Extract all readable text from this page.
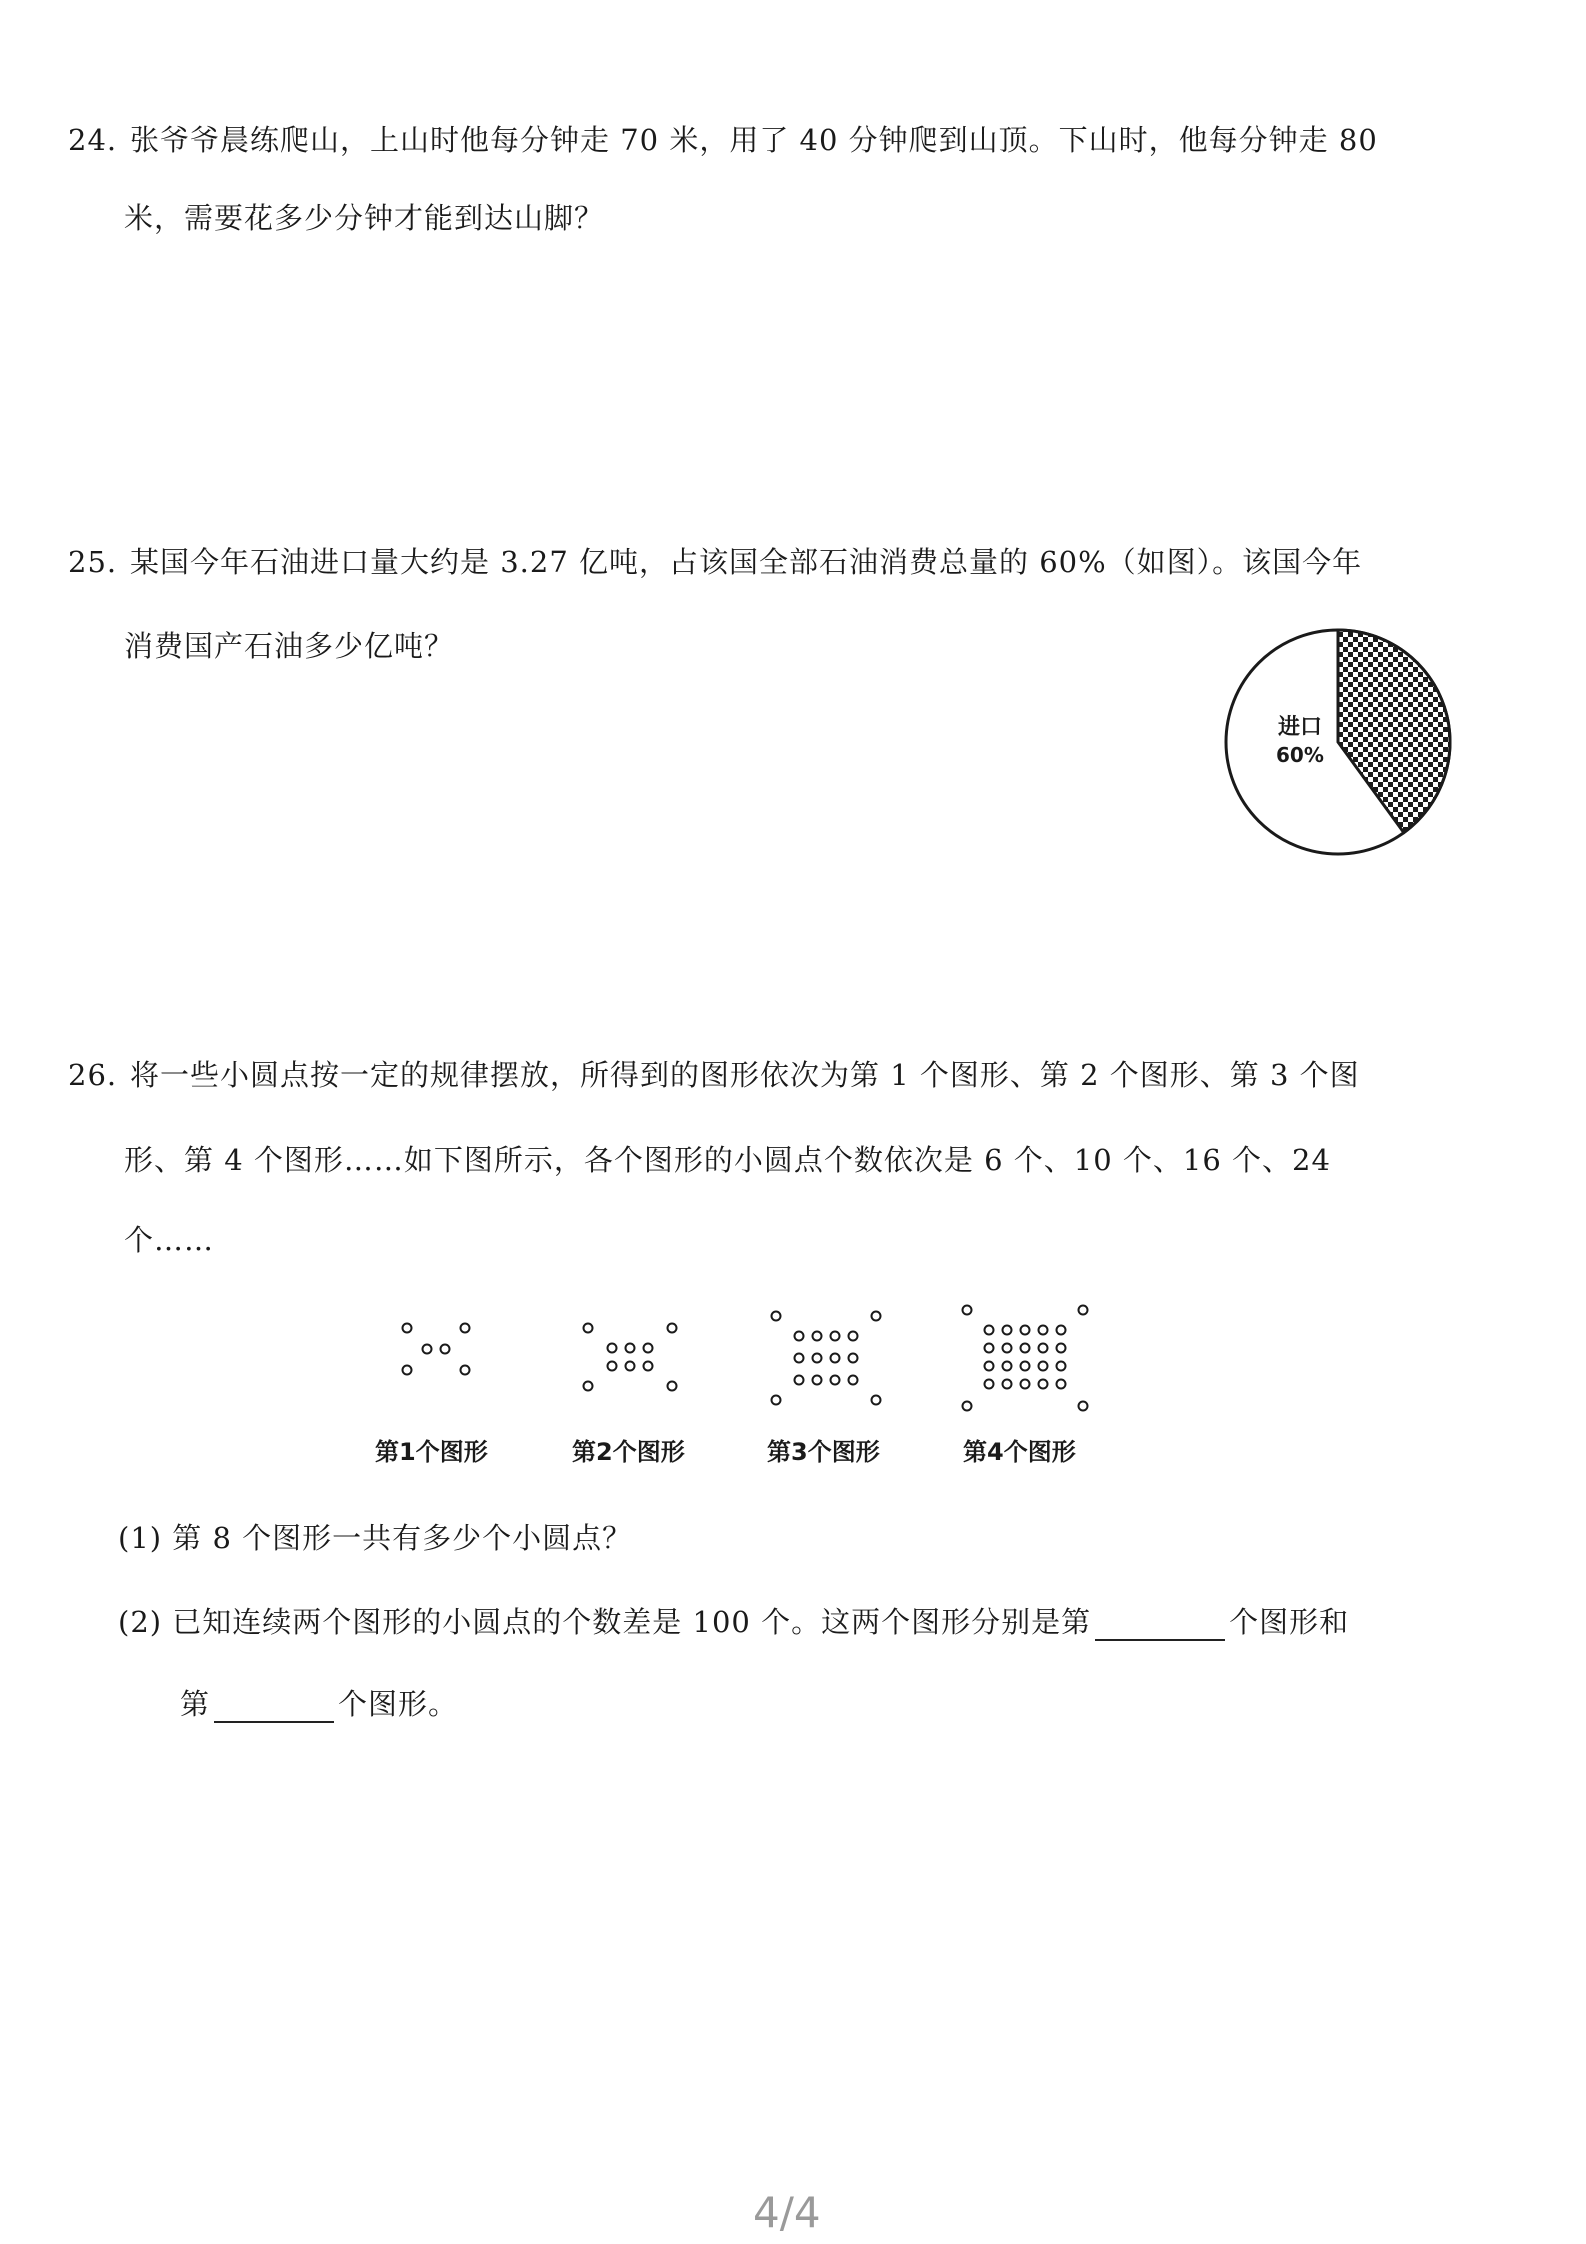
24. 张爷爷晨练爬山，上山时他每分钟走 70 米，用了 40 分钟爬到山顶。下山时，他每分钟走 80
米，需要花多少分钟才能到达山脚？
25. 某国今年石油进口量大约是 3.27 亿吨，占该国全部石油消费总量的 60%（如图）。该国今年
消费国产石油多少亿吨？
进口
60%
26. 将一些小圆点按一定的规律摆放，所得到的图形依次为第 1 个图形、第 2 个图形、第 3 个图
形、第 4 个图形……如下图所示，各个图形的小圆点个数依次是 6 个、10 个、16 个、24
个……
第1个图形	第2个图形	第3个图形	第4个图形
(1) 第 8 个图形一共有多少个小圆点？
(2) 已知连续两个图形的小圆点的个数差是 100 个。这两个图形分别是第	个图形和
第	个图形。
4/4
